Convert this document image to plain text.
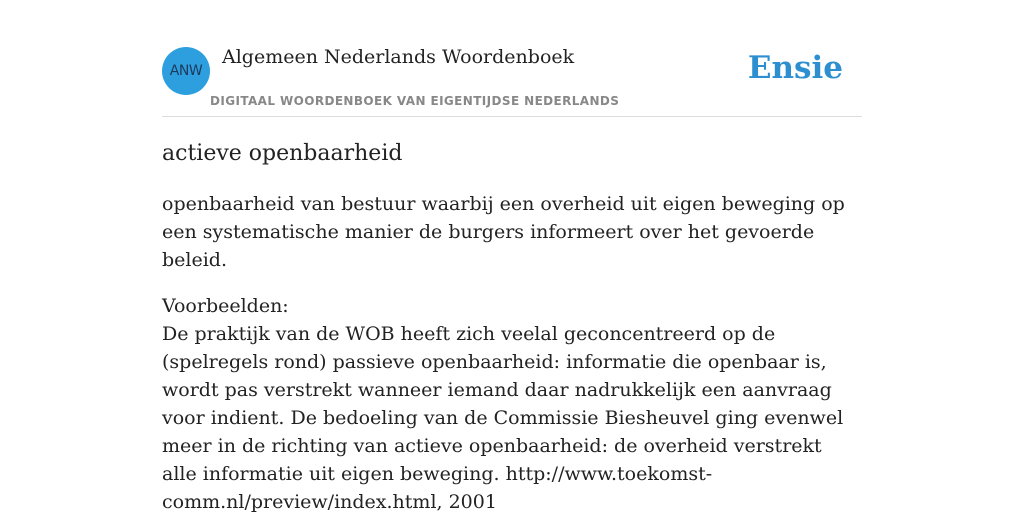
ANW
Algemeen Nederlands Woordenboek
DIGITAAL WOORDENBOEK VAN EIGENTIJDSE NEDERLANDS
Ensie
actieve openbaarheid

openbaarheid van bestuur waarbij een overheid uit eigen beweging op een systematische manier de burgers informeert over het gevoerde beleid.

Voorbeelden:

De praktijk van de WOB heeft zich veelal geconcentreerd op de (spelregels rond) passieve openbaarheid: informatie die openbaar is, wordt pas verstrekt wanneer iemand daar nadrukkelijk een aanvraag voor indient. De bedoeling van de Commissie Biesheuvel ging evenwel meer in de richting van actieve openbaarheid: de overheid verstrekt alle informatie uit eigen beweging. http://www.toekomst-comm.nl/preview/index.html, 2001
